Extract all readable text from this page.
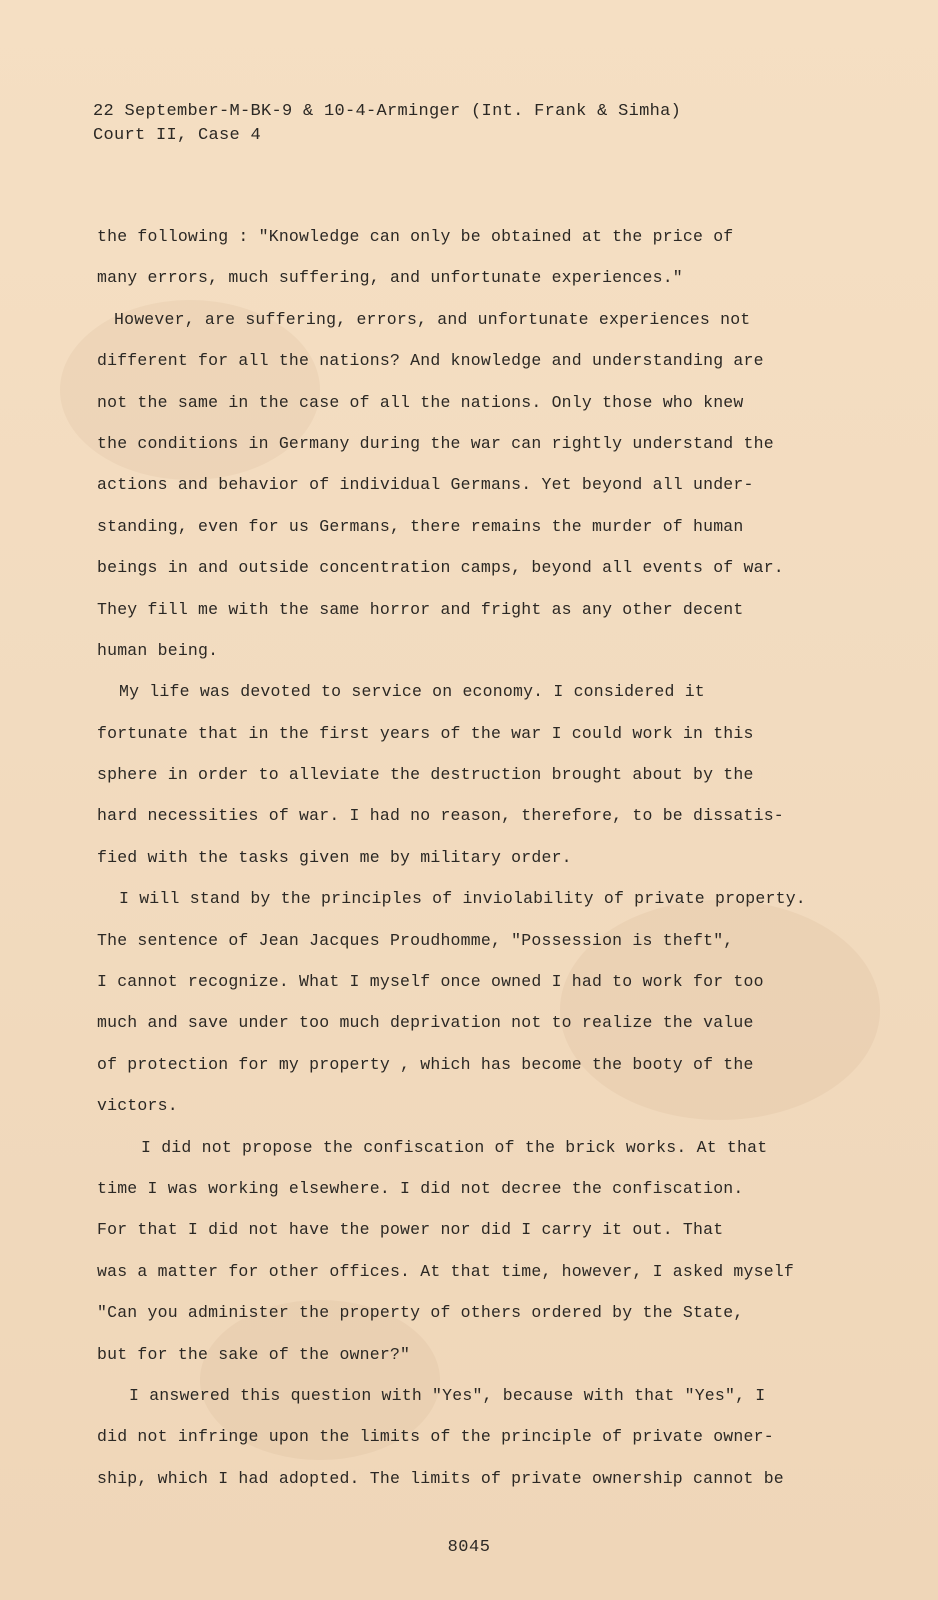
22 September-M-BK-9 & 10-4-Arminger (Int. Frank & Simha)
Court II, Case 4
the following : "Knowledge can only be obtained at the price of
many errors, much suffering, and unfortunate experiences."
However, are suffering, errors, and unfortunate experiences not
different for all the nations? And knowledge and understanding are
not the same in the case of all the nations. Only those who knew
the conditions in Germany during the war can rightly understand the
actions and behavior of individual Germans. Yet beyond all under-
standing, even for us Germans, there remains the murder of human
beings in and outside concentration camps, beyond all events of war.
They fill me with the same horror and fright as any other decent
human being.
My life was devoted to service on economy. I considered it
fortunate that in the first years of the war I could work in this
sphere in order to alleviate the destruction brought about by the
hard necessities of war. I had no reason, therefore, to be dissatis-
fied with the tasks given me by military order.
I will stand by the principles of inviolability of private property.
The sentence of Jean Jacques Proudhomme, "Possession is theft",
I cannot recognize. What I myself once owned I had to work for too
much and save under too much deprivation not to realize the value
of protection for my property , which has become the booty of the
victors.
I did not propose the confiscation of the brick works. At that
time I was working elsewhere. I did not decree the confiscation.
For that I did not have the power nor did I carry it out. That
was a matter for other offices. At that time, however, I asked myself
"Can you administer the property of others ordered by the State,
but for the sake of the owner?"
I answered this question with "Yes", because with that "Yes", I
did not infringe upon the limits of the principle of private owner-
ship, which I had adopted. The limits of private ownership cannot be
8045
